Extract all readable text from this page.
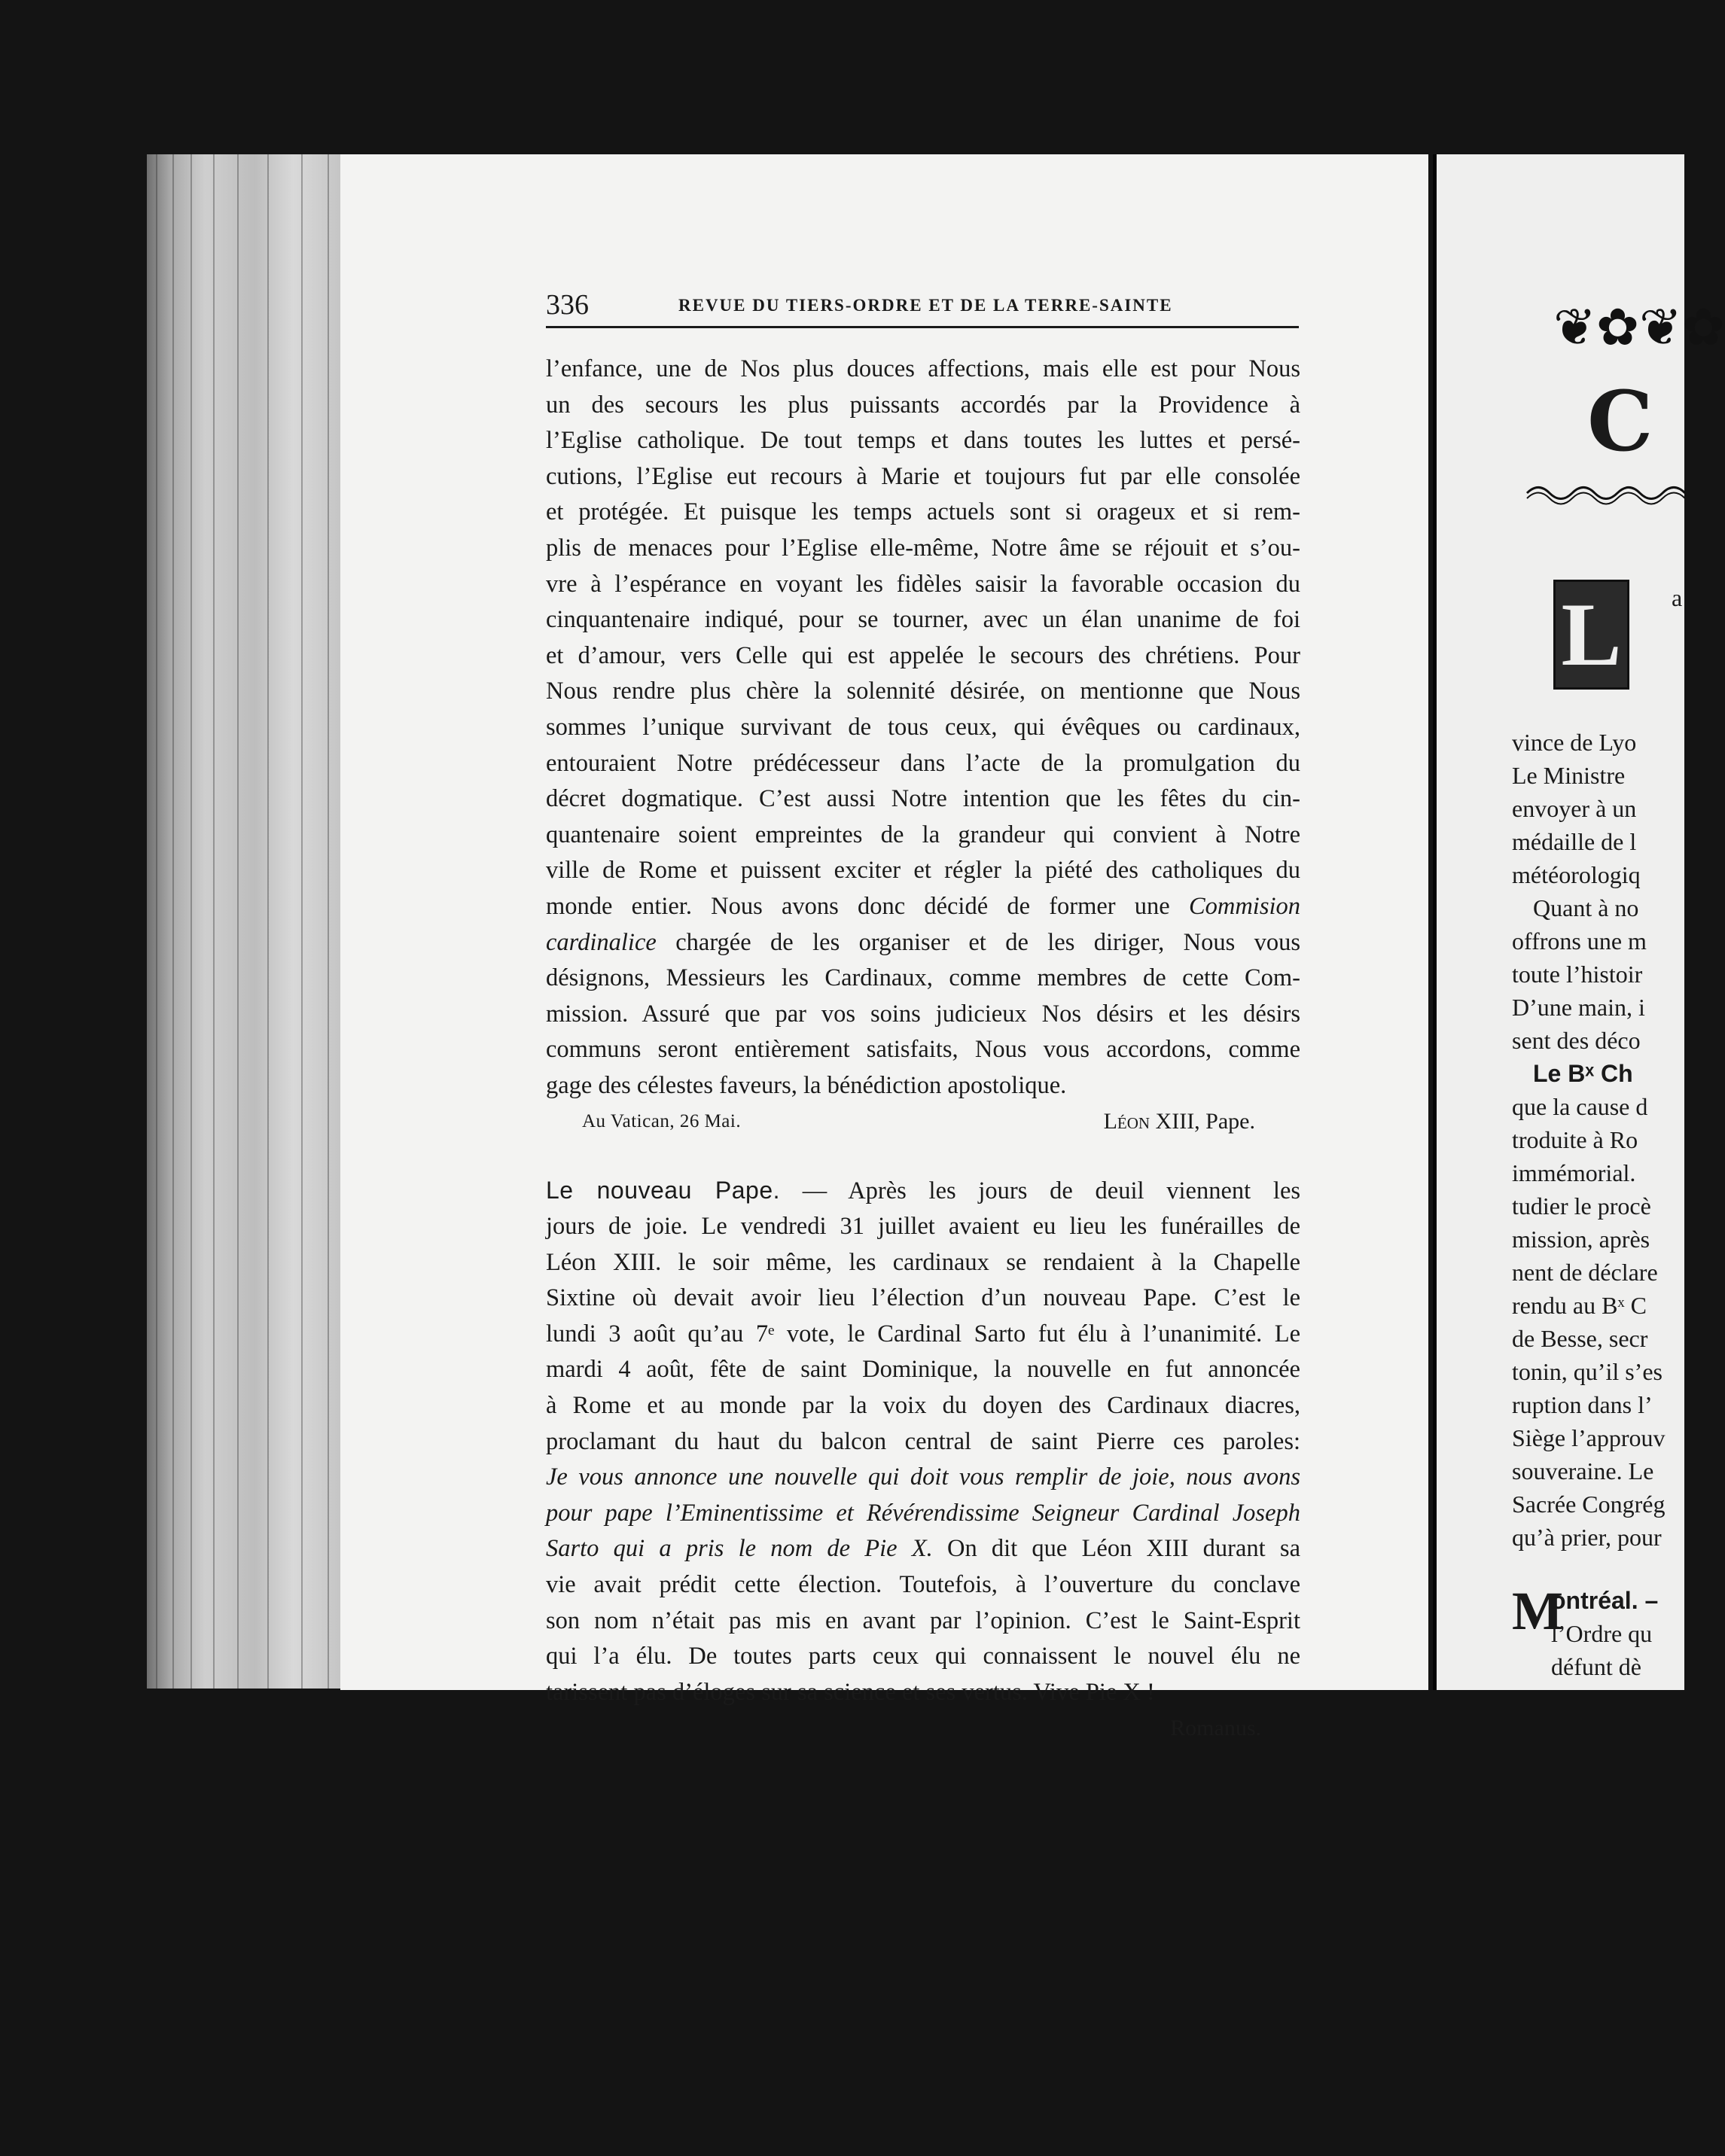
336	REVUE DU TIERS-ORDRE ET DE LA TERRE-SAINTE
l’enfance, une de Nos plus douces affections, mais elle est pour Nous
un des secours les plus puissants accordés par la Providence à
l’Eglise catholique. De tout temps et dans toutes les luttes et persé-
cutions, l’Eglise eut recours à Marie et toujours fut par elle consolée
et protégée. Et puisque les temps actuels sont si orageux et si rem-
plis de menaces pour l’Eglise elle-même, Notre âme se réjouit et s’ou-
vre à l’espérance en voyant les fidèles saisir la favorable occasion du
cinquantenaire indiqué, pour se tourner, avec un élan unanime de foi
et d’amour, vers Celle qui est appelée le secours des chrétiens. Pour
Nous rendre plus chère la solennité désirée, on mentionne que Nous
sommes l’unique survivant de tous ceux, qui évêques ou cardinaux,
entouraient Notre prédécesseur dans l’acte de la promulgation du
décret dogmatique. C’est aussi Notre intention que les fêtes du cin-
quantenaire soient empreintes de la grandeur qui convient à Notre
ville de Rome et puissent exciter et régler la piété des catholiques du
monde entier. Nous avons donc décidé de former une Commision
cardinalice chargée de les organiser et de les diriger, Nous vous
désignons, Messieurs les Cardinaux, comme membres de cette Com-
mission. Assuré que par vos soins judicieux Nos désirs et les désirs
communs seront entièrement satisfaits, Nous vous accordons, comme
gage des célestes faveurs, la bénédiction apostolique.
Au Vatican, 26 Mai.	Léon XIII, Pape.
Le nouveau Pape. — Après les jours de deuil viennent les
jours de joie. Le vendredi 31 juillet avaient eu lieu les funérailles de
Léon XIII. le soir même, les cardinaux se rendaient à la Chapelle
Sixtine où devait avoir lieu l’élection d’un nouveau Pape. C’est le
lundi 3 août qu’au 7ᵉ vote, le Cardinal Sarto fut élu à l’unanimité. Le
mardi 4 août, fête de saint Dominique, la nouvelle en fut annoncée
à Rome et au monde par la voix du doyen des Cardinaux diacres,
proclamant du haut du balcon central de saint Pierre ces paroles:
Je vous annonce une nouvelle qui doit vous remplir de joie, nous avons
pour pape l’Eminentissime et Révérendissime Seigneur Cardinal Joseph
Sarto qui a pris le nom de Pie X. On dit que Léon XIII durant sa
vie avait prédit cette élection. Toutefois, à l’ouverture du conclave
son nom n’était pas mis en avant par l’opinion. C’est le Saint-Esprit
qui l’a élu. De toutes parts ceux qui connaissent le nouvel élu ne
tarissent pas d’éloges sur sa science et ses vertus. Vive Pie X !
Romanus.
❦✿❦✿
C
L	a
vince de Lyo
Le Ministre
envoyer à un
médaille de l
météorologiq
Quant à no
offrons une m
toute l’histoir
D’une main, i
sent des déco
Le Bˣ Ch
que la cause d
troduite à Ro
immémorial.
tudier le procè
mission, après
nent de déclare
rendu au Bˣ C
de Besse, secr
tonin, qu’il s’es
ruption dans l’
Siège l’approuv
souveraine. Le
Sacrée Congrég
qu’à prier, pour
M
ontréal. –
l’Ordre qu
défunt dè
